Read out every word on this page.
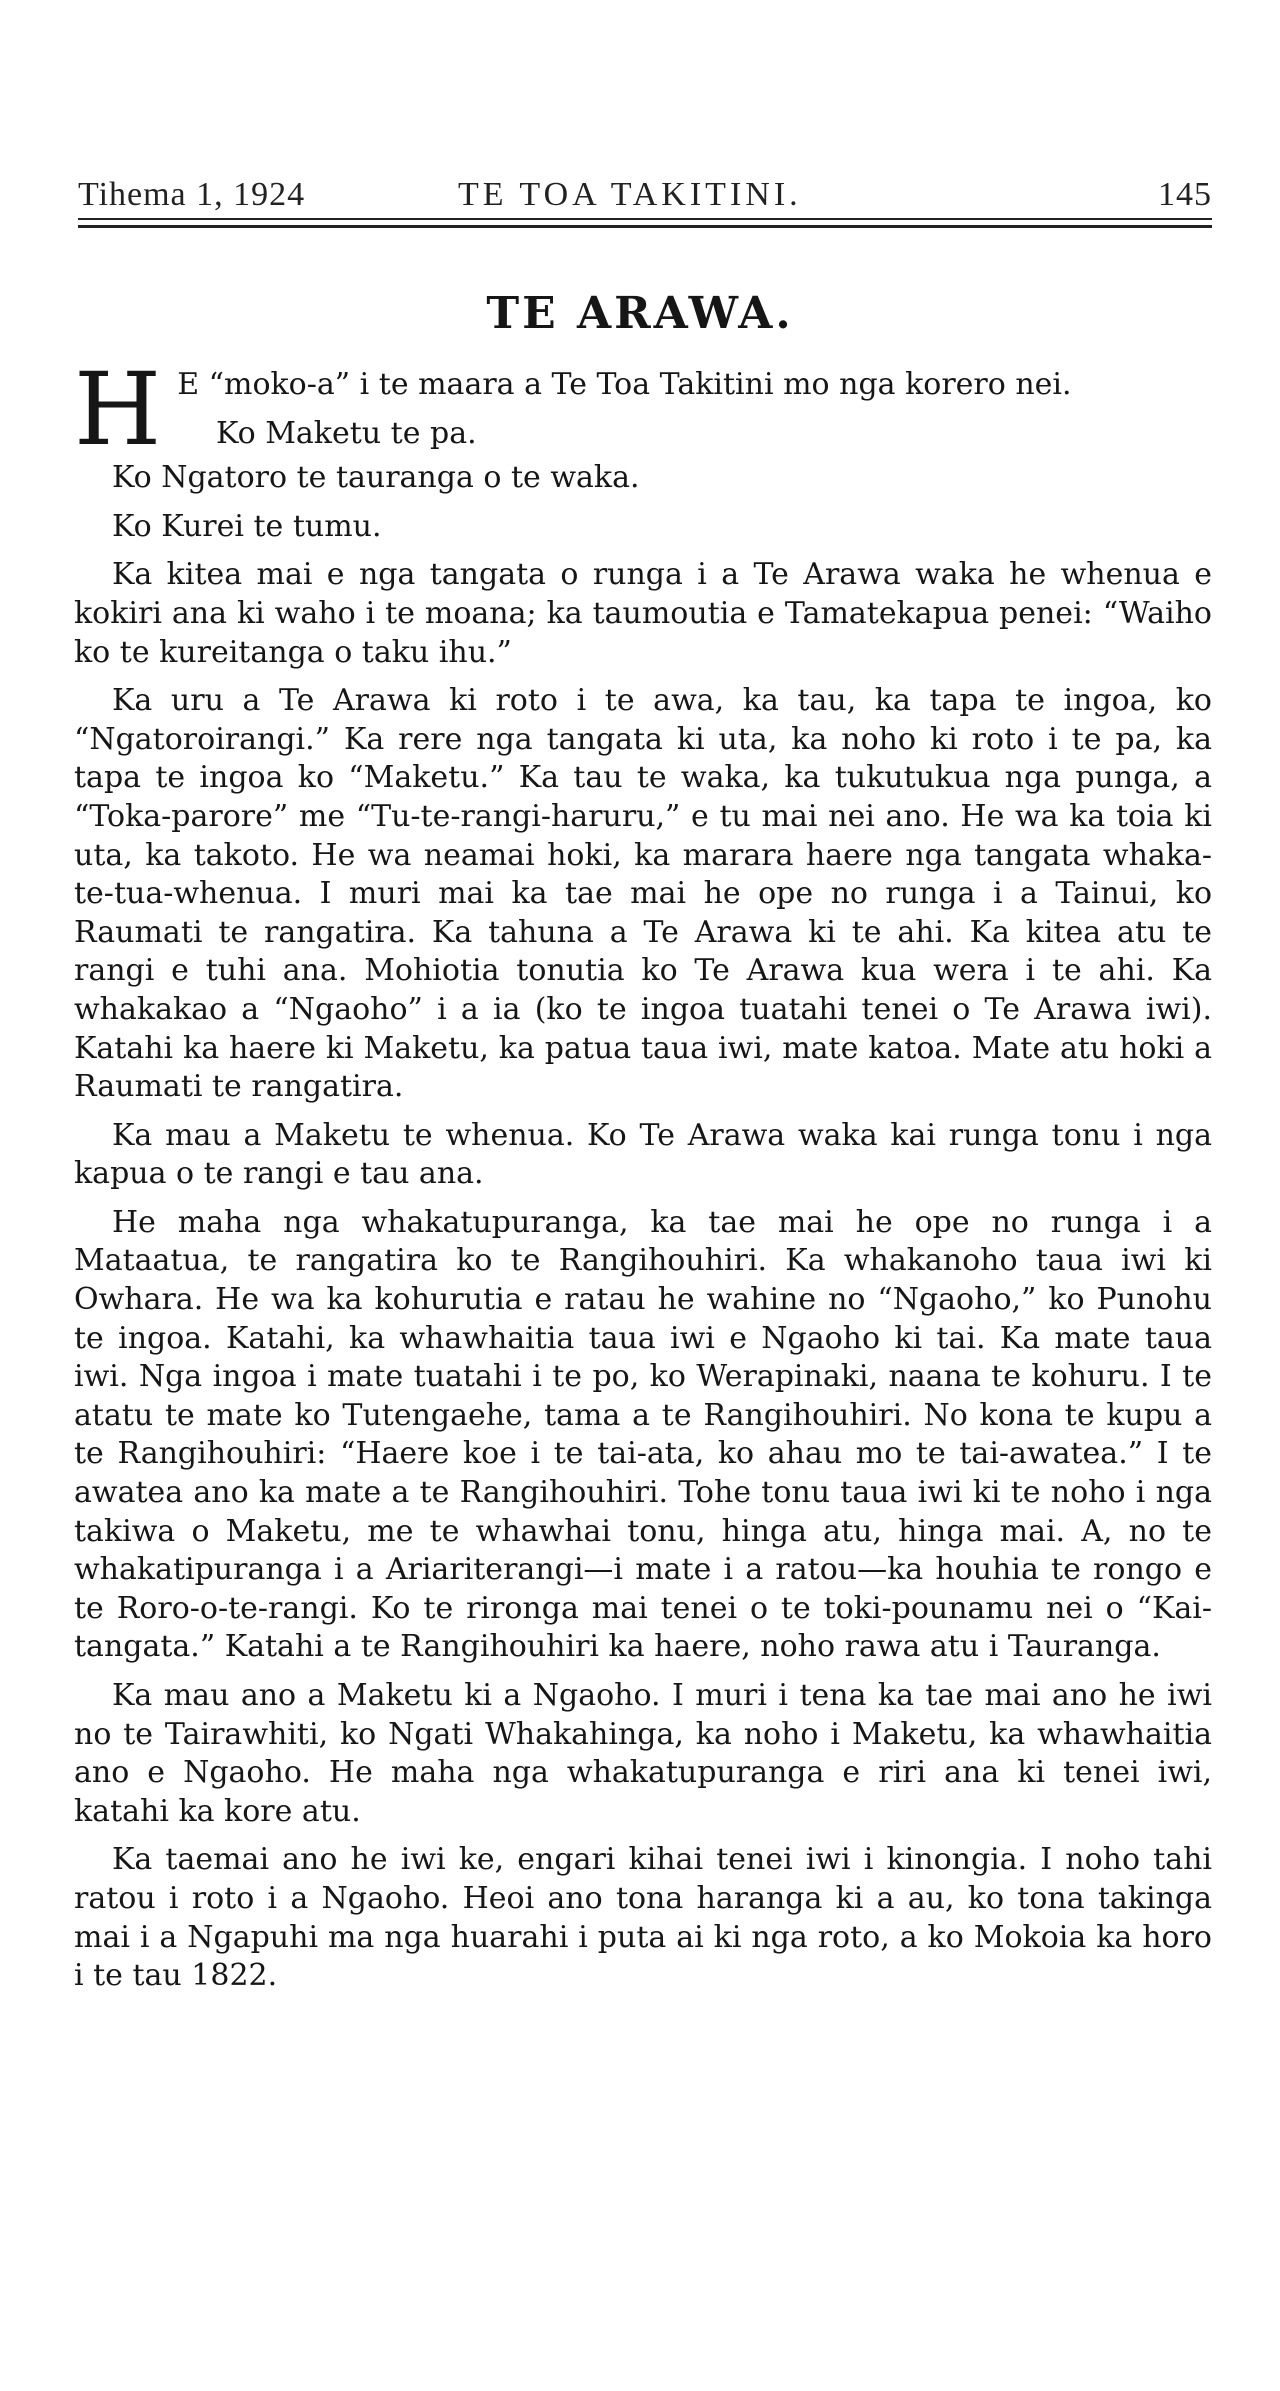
Tihema 1, 1924	TE TOA TAKITINI.	145
TE ARAWA.

H E “moko-a” i te maara a Te Toa Takitini mo nga korero nei.

Ko Maketu te pa.

Ko Ngatoro te tauranga o te waka.

Ko Kurei te tumu.

Ka kitea mai e nga tangata o runga i a Te Arawa waka he whenua e kokiri ana ki waho i te moana; ka taumoutia e Tamatekapua penei: “Waiho ko te kureitanga o taku ihu.”

Ka uru a Te Arawa ki roto i te awa, ka tau, ka tapa te ingoa, ko “Ngatoroirangi.” Ka rere nga tangata ki uta, ka noho ki roto i te pa, ka tapa te ingoa ko “Maketu.” Ka tau te waka, ka tukutukua nga punga, a “Toka-parore” me “Tu-te-rangi-haruru,” e tu mai nei ano. He wa ka toia ki uta, ka takoto. He wa neamai hoki, ka marara haere nga tangata whaka-te-tua-whenua. I muri mai ka tae mai he ope no runga i a Tainui, ko Raumati te rangatira. Ka tahuna a Te Arawa ki te ahi. Ka kitea atu te rangi e tuhi ana. Mohiotia tonutia ko Te Arawa kua wera i te ahi. Ka whakakao a “Ngaoho” i a ia (ko te ingoa tuatahi tenei o Te Arawa iwi). Katahi ka haere ki Maketu, ka patua taua iwi, mate katoa. Mate atu hoki a Raumati te rangatira.

Ka mau a Maketu te whenua. Ko Te Arawa waka kai runga tonu i nga kapua o te rangi e tau ana.

He maha nga whakatupuranga, ka tae mai he ope no runga i a Mataatua, te rangatira ko te Rangihouhiri. Ka whakanoho taua iwi ki Owhara. He wa ka kohurutia e ratau he wahine no “Ngaoho,” ko Punohu te ingoa. Katahi, ka whawhaitia taua iwi e Ngaoho ki tai. Ka mate taua iwi. Nga ingoa i mate tuatahi i te po, ko Werapinaki, naana te kohuru. I te atatu te mate ko Tutengaehe, tama a te Rangihouhiri. No kona te kupu a te Rangihouhiri: “Haere koe i te tai-ata, ko ahau mo te tai-awatea.” I te awatea ano ka mate a te Rangihouhiri. Tohe tonu taua iwi ki te noho i nga takiwa o Maketu, me te whawhai tonu, hinga atu, hinga mai. A, no te whakatipuranga i a Ariariterangi—i mate i a ratou—ka houhia te rongo e te Roro-o-te-rangi. Ko te rironga mai tenei o te toki-pounamu nei o “Kai-tangata.” Katahi a te Rangihouhiri ka haere, noho rawa atu i Tauranga.

Ka mau ano a Maketu ki a Ngaoho. I muri i tena ka tae mai ano he iwi no te Tairawhiti, ko Ngati Whakahinga, ka noho i Maketu, ka whawhaitia ano e Ngaoho. He maha nga whakatupuranga e riri ana ki tenei iwi, katahi ka kore atu.

Ka taemai ano he iwi ke, engari kihai tenei iwi i kinongia. I noho tahi ratou i roto i a Ngaoho. Heoi ano tona haranga ki a au, ko tona takinga mai i a Ngapuhi ma nga huarahi i puta ai ki nga roto, a ko Mokoia ka horo i te tau 1822.
